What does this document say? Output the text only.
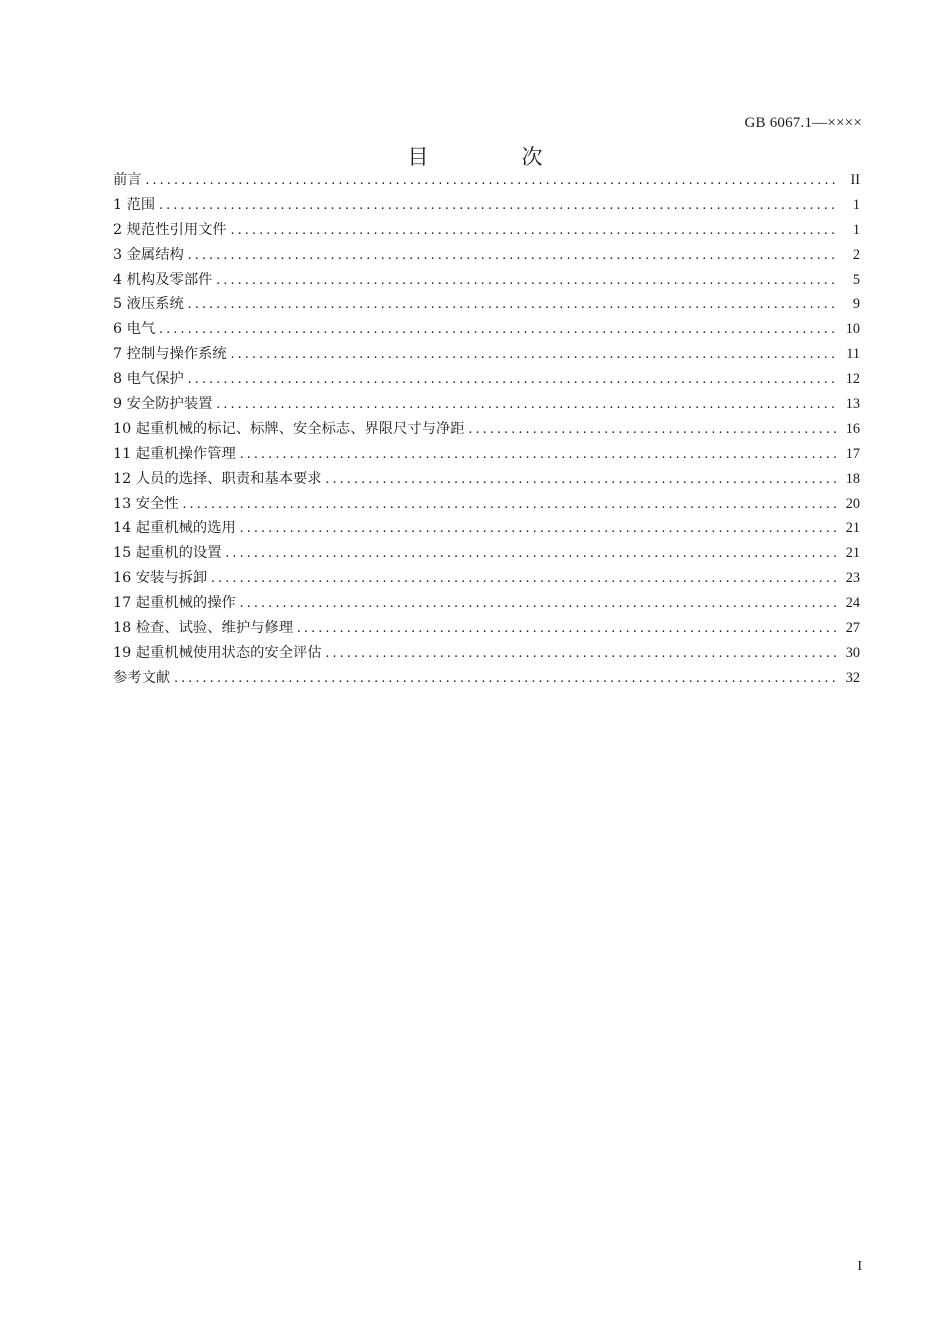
GB 6067.1—××××
目　次
前言 . . .	II
1 范围 . . .	1
2 规范性引用文件 . . .	1
3 金属结构 . . .	2
4 机构及零部件 . . .	5
5 液压系统 . . .	9
6 电气 . . .	10
7 控制与操作系统 . . .	11
8 电气保护 . . .	12
9 安全防护装置 . . .	13
10 起重机械的标记、标牌、安全标志、界限尺寸与净距 . . .	16
11 起重机操作管理 . . .	17
12 人员的选择、职责和基本要求 . . .	18
13 安全性 . . .	20
14 起重机械的选用 . . .	21
15 起重机的设置 . . .	21
16 安装与拆卸 . . .	23
17 起重机械的操作 . . .	24
18 检查、试验、维护与修理 . . .	27
19 起重机械使用状态的安全评估 . . .	30
参考文献 . . .	32
I
